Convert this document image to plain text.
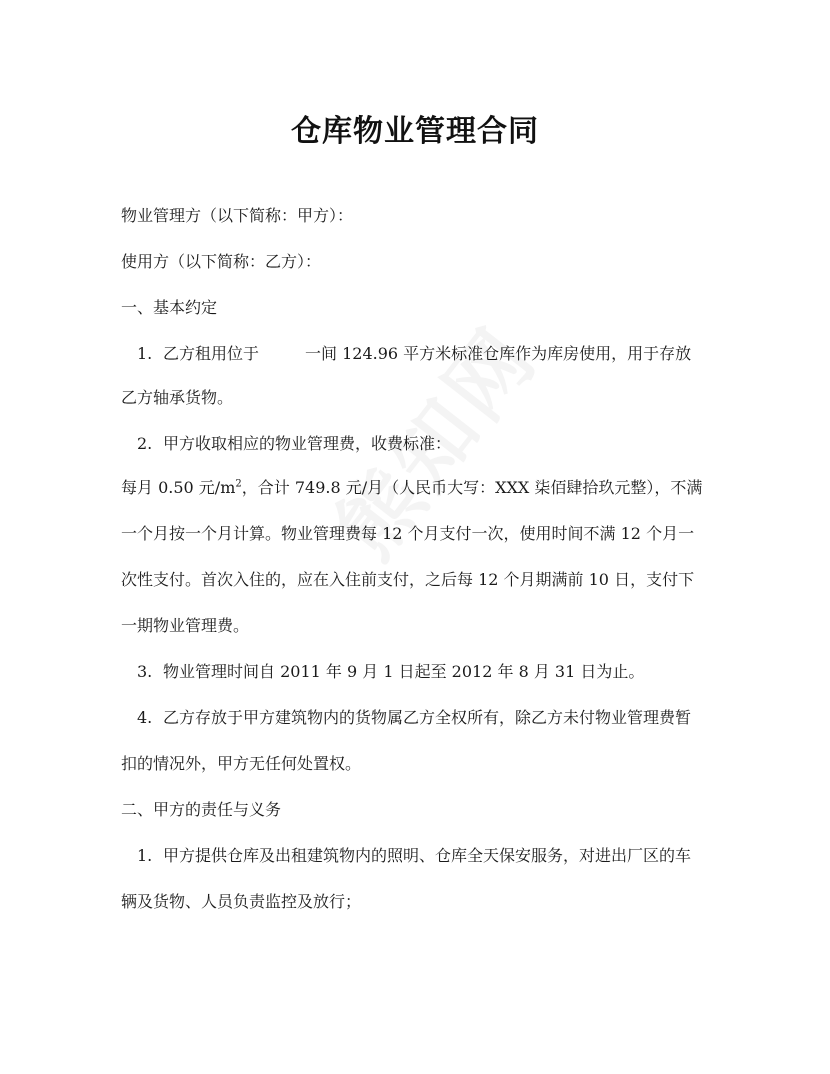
仓库物业管理合同
物业管理方（以下简称：甲方）：
使用方（以下简称：乙方）：
一、基本约定
1. 乙方租用位于	一间 124.96 平方米标准仓库作为库房使用，用于存放
乙方轴承货物。
2. 甲方收取相应的物业管理费，收费标准：
每月 0.50 元$/m^2$，合计 749.8 元/月（人民币大写：XXX 柒佰肆拾玖元整），不满
一个月按一个月计算。物业管理费每 12 个月支付一次，使用时间不满 12 个月一
次性支付。首次入住的，应在入住前支付，之后每 12 个月期满前 10 日，支付下
一期物业管理费。
3. 物业管理时间自 2011 年 9 月 1 日起至 2012 年 8 月 31 日为止。
4. 乙方存放于甲方建筑物内的货物属乙方全权所有，除乙方未付物业管理费暂
扣的情况外，甲方无任何处置权。
二、甲方的责任与义务
1. 甲方提供仓库及出租建筑物内的照明、仓库全天保安服务，对进出厂区的车
辆及货物、人员负责监控及放行；
